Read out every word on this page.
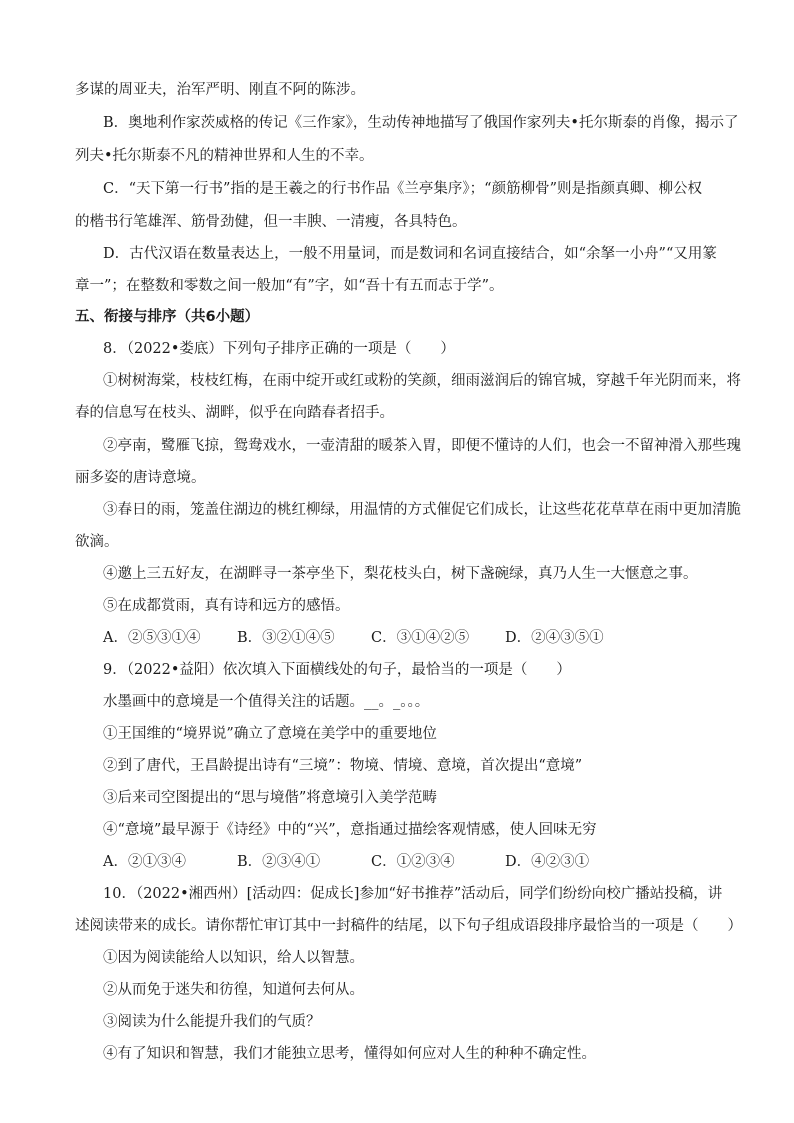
多谋的周亚夫，治军严明、刚直不阿的陈涉。
B．奥地利作家茨威格的传记《三作家》，生动传神地描写了俄国作家列夫•托尔斯泰的肖像，揭示了
列夫•托尔斯泰不凡的精神世界和人生的不幸。
C．“天下第一行书”指的是王羲之的行书作品《兰亭集序》；“颜筋柳骨”则是指颜真卿、柳公权
的楷书行笔雄浑、筋骨劲健，但一丰腴、一清瘦，各具特色。
D．古代汉语在数量表达上，一般不用量词，而是数词和名词直接结合，如“余拏一小舟”“又用篆
章一”；在整数和零数之间一般加“有”字，如“吾十有五而志于学”。
五、衔接与排序（共6小题）
8．（2022•娄底）下列句子排序正确的一项是（　　）
①树树海棠，枝枝红梅，在雨中绽开或红或粉的笑颜，细雨滋润后的锦官城，穿越千年光阴而来，将
春的信息写在枝头、湖畔，似乎在向踏春者招手。
②亭南，鹭雁飞掠，鸳鸯戏水，一壶清甜的暖茶入胃，即便不懂诗的人们，也会一不留神滑入那些瑰
丽多姿的唐诗意境。
③春日的雨，笼盖住湖边的桃红柳绿，用温情的方式催促它们成长，让这些花花草草在雨中更加清脆
欲滴。
④邀上三五好友，在湖畔寻一茶亭坐下，梨花枝头白，树下盏碗绿，真乃人生一大惬意之事。
⑤在成都赏雨，真有诗和远方的感悟。
A．②⑤③①④	B．③②①④⑤	C．③①④②⑤ D．②④③⑤①
9．（2022•益阳）依次填入下面横线处的句子，最恰当的一项是（　　）
水墨画中的意境是一个值得关注的话题。__。_。。。
①王国维的“境界说”确立了意境在美学中的重要地位
②到了唐代，王昌龄提出诗有“三境”：物境、情境、意境，首次提出“意境”
③后来司空图提出的“思与境偕”将意境引入美学范畴
④“意境”最早源于《诗经》中的“兴”，意指通过描绘客观情感，使人回味无穷
A．②①③④	B．②③④①	C．①②③④	D．④②③①
10．（2022•湘西州）[活动四：促成长]参加“好书推荐”活动后，同学们纷纷向校广播站投稿，讲
述阅读带来的成长。请你帮忙审订其中一封稿件的结尾，以下句子组成语段排序最恰当的一项是（　　）
①因为阅读能给人以知识，给人以智慧。
②从而免于迷失和彷徨，知道何去何从。
③阅读为什么能提升我们的气质？
④有了知识和智慧，我们才能独立思考，懂得如何应对人生的种种不确定性。
